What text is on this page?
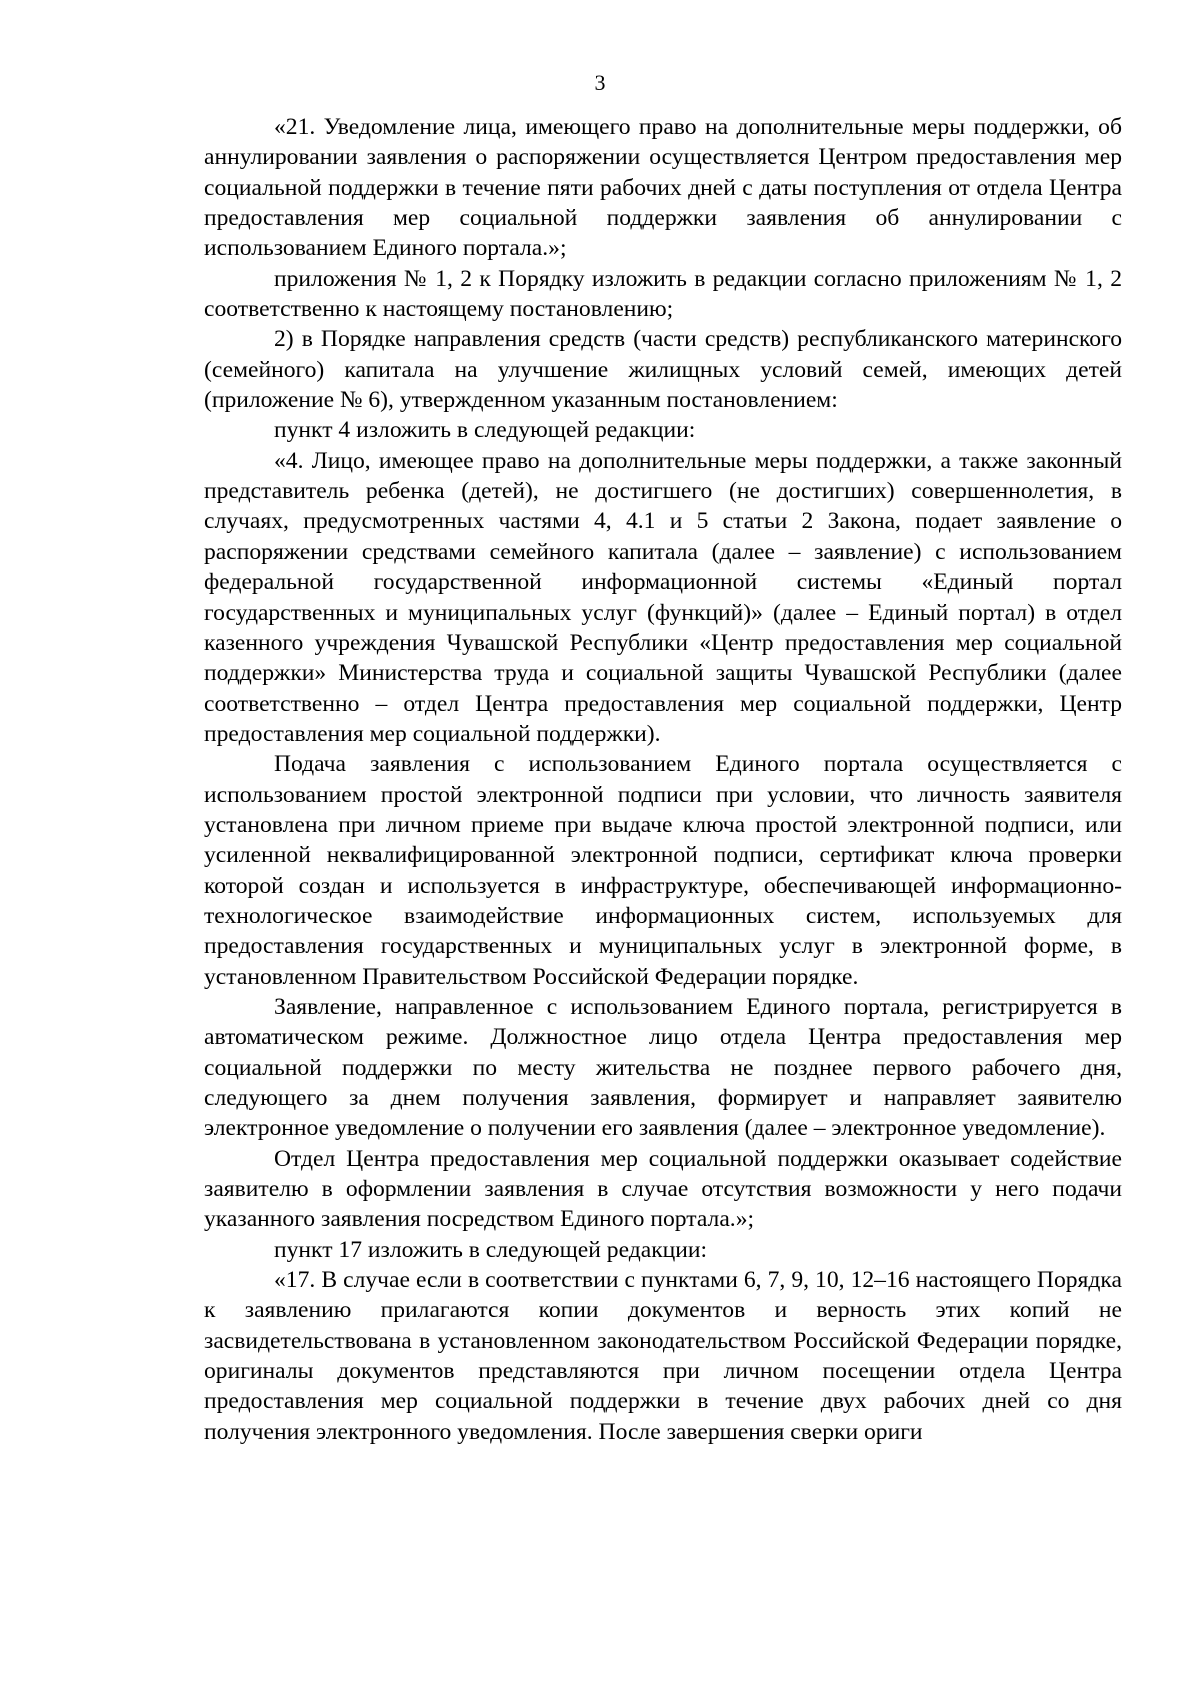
3

«21. Уведомление лица, имеющего право на дополнительные меры поддержки, об аннулировании заявления о распоряжении осуществляется Центром предоставления мер социальной поддержки в течение пяти рабочих дней с даты поступления от отдела Центра предоставления мер социальной поддержки заявления об аннулировании с использованием Единого портала.»;

приложения № 1, 2 к Порядку изложить в редакции согласно приложениям № 1, 2 соответственно к настоящему постановлению;

2) в Порядке направления средств (части средств) республиканского материнского (семейного) капитала на улучшение жилищных условий семей, имеющих детей (приложение № 6), утвержденном указанным постановлением:

пункт 4 изложить в следующей редакции:

«4. Лицо, имеющее право на дополнительные меры поддержки, а также законный представитель ребенка (детей), не достигшего (не достигших) совершеннолетия, в случаях, предусмотренных частями 4, 4.1 и 5 статьи 2 Закона, подает заявление о распоряжении средствами семейного капитала (далее – заявление) с использованием федеральной государственной информационной системы «Единый портал государственных и муниципальных услуг (функций)» (далее – Единый портал) в отдел казенного учреждения Чувашской Республики «Центр предоставления мер социальной поддержки» Министерства труда и социальной защиты Чувашской Республики (далее соответственно – отдел Центра предоставления мер социальной поддержки, Центр предоставления мер социальной поддержки).

Подача заявления с использованием Единого портала осуществляется с использованием простой электронной подписи при условии, что личность заявителя установлена при личном приеме при выдаче ключа простой электронной подписи, или усиленной неквалифицированной электронной подписи, сертификат ключа проверки которой создан и используется в инфраструктуре, обеспечивающей информационно-технологическое взаимодействие информационных систем, используемых для предоставления государственных и муниципальных услуг в электронной форме, в установленном Правительством Российской Федерации порядке.

Заявление, направленное с использованием Единого портала, регистрируется в автоматическом режиме. Должностное лицо отдела Центра предоставления мер социальной поддержки по месту жительства не позднее первого рабочего дня, следующего за днем получения заявления, формирует и направляет заявителю электронное уведомление о получении его заявления (далее – электронное уведомление).

Отдел Центра предоставления мер социальной поддержки оказывает содействие заявителю в оформлении заявления в случае отсутствия возможности у него подачи указанного заявления посредством Единого портала.»;

пункт 17 изложить в следующей редакции:

«17. В случае если в соответствии с пунктами 6, 7, 9, 10, 12–16 настоящего Порядка к заявлению прилагаются копии документов и верность этих копий не засвидетельствована в установленном законодательством Российской Федерации порядке, оригиналы документов представляются при личном посещении отдела Центра предоставления мер социальной поддержки в течение двух рабочих дней со дня получения электронного уведомления. После завершения сверки ориги
